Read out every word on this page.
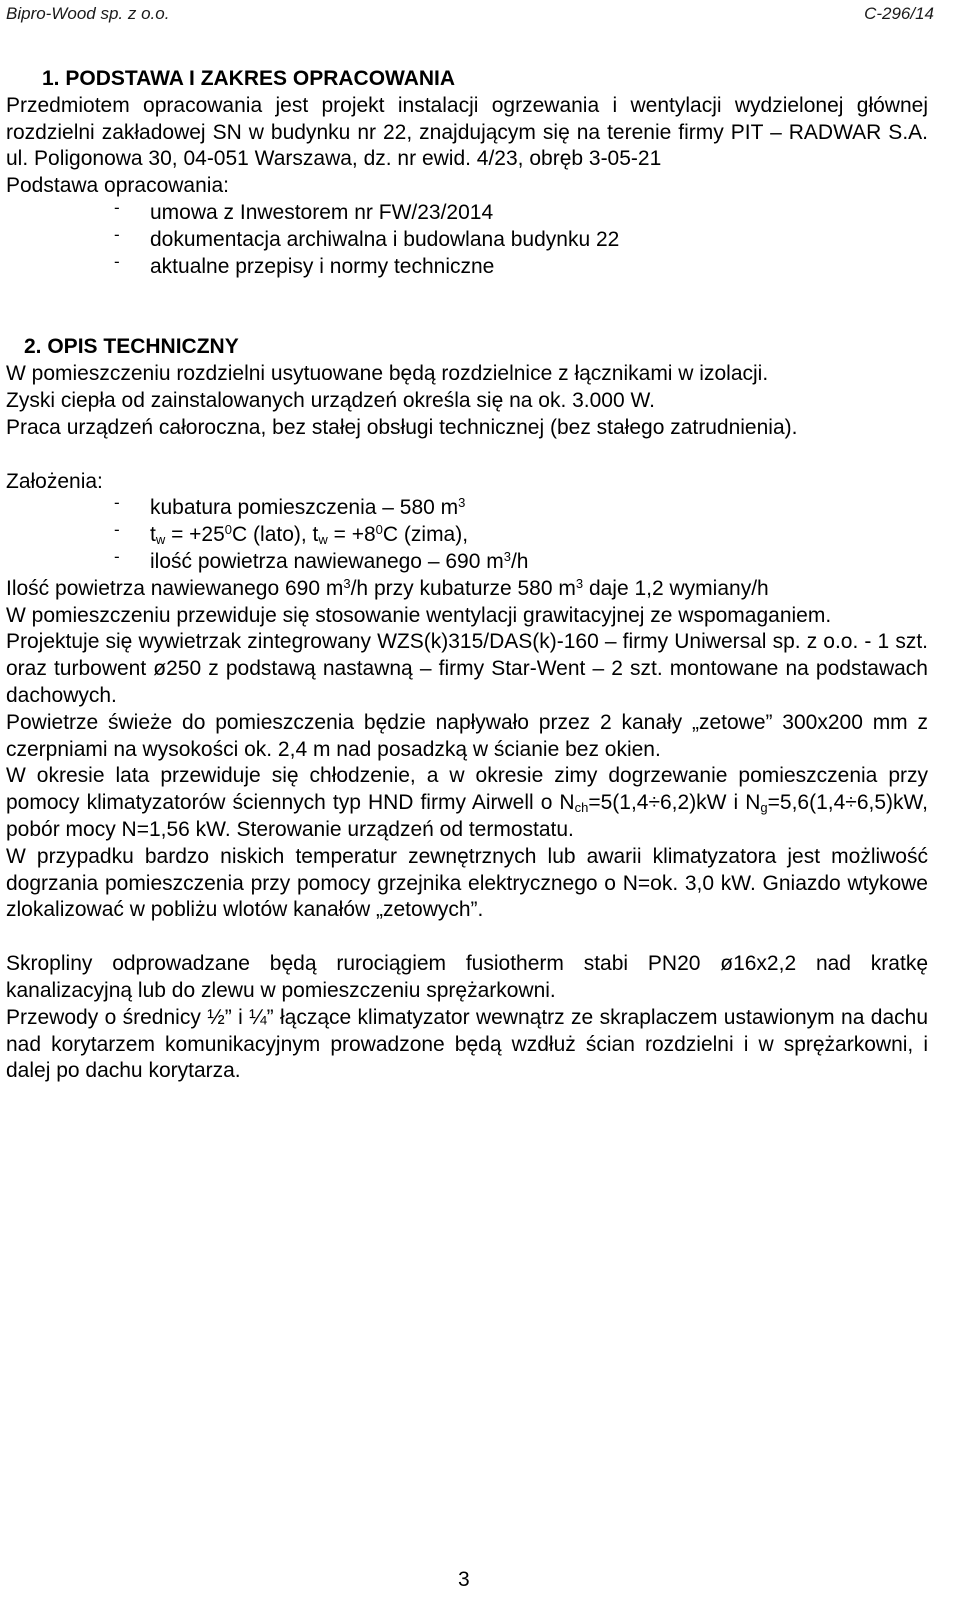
Bipro-Wood sp. z o.o.	C-296/14
1. PODSTAWA I ZAKRES OPRACOWANIA

Przedmiotem opracowania jest projekt instalacji ogrzewania i wentylacji wydzielonej głównej rozdzielni zakładowej SN w budynku nr 22, znajdującym się na terenie firmy PIT – RADWAR S.A. ul. Poligonowa 30, 04-051 Warszawa, dz. nr ewid. 4/23, obręb 3-05-21

Podstawa opracowania:

- umowa z Inwestorem nr FW/23/2014
- dokumentacja archiwalna i budowlana budynku 22
- aktualne przepisy i normy techniczne
2. OPIS TECHNICZNY

W pomieszczeniu rozdzielni usytuowane będą rozdzielnice z łącznikami w izolacji.

Zyski ciepła od zainstalowanych urządzeń określa się na ok. 3.000 W.

Praca urządzeń całoroczna, bez stałej obsługi technicznej (bez stałego zatrudnienia).

Założenia:

- kubatura pomieszczenia – 580 $m^3$
- $t_w = +25^0C$ (lato), $t_w = +8^0C$ (zima),
- ilość powietrza nawiewanego – 690 $m^3/h$

Ilość powietrza nawiewanego 690 $m^3/h$ przy kubaturze 580 $m^3$ daje 1,2 wymiany/h

W pomieszczeniu przewiduje się stosowanie wentylacji grawitacyjnej ze wspomaganiem.

Projektuje się wywietrzak zintegrowany WZS(k)315/DAS(k)-160 – firmy Uniwersal sp. z o.o. - 1 szt. oraz turbowent ø250 z podstawą nastawną – firmy Star-Went – 2 szt. montowane na podstawach dachowych.

Powietrze świeże do pomieszczenia będzie napływało przez 2 kanały „zetowe” 300x200 mm z czerpniami na wysokości ok. 2,4 m nad posadzką w ścianie bez okien.

W okresie lata przewiduje się chłodzenie, a w okresie zimy dogrzewanie pomieszczenia przy pomocy klimatyzatorów ściennych typ HND firmy Airwell o $N_{ch}=5(1,4\div 6,2)kW$ i $N_g=5,6(1,4\div 6,5)kW$, pobór mocy N=1,56 kW. Sterowanie urządzeń od termostatu.

W przypadku bardzo niskich temperatur zewnętrznych lub awarii klimatyzatora jest możliwość dogrzania pomieszczenia przy pomocy grzejnika elektrycznego o N=ok. 3,0 kW. Gniazdo wtykowe zlokalizować w pobliżu wlotów kanałów „zetowych”.

Skropliny odprowadzane będą rurociągiem fusiotherm stabi PN20 ø16x2,2 nad kratkę kanalizacyjną lub do zlewu w pomieszczeniu sprężarkowni.

Przewody o średnicy ½” i ¼” łączące klimatyzator wewnątrz ze skraplaczem ustawionym na dachu nad korytarzem komunikacyjnym prowadzone będą wzdłuż ścian rozdzielni i w sprężarkowni, i dalej po dachu korytarza.

3
